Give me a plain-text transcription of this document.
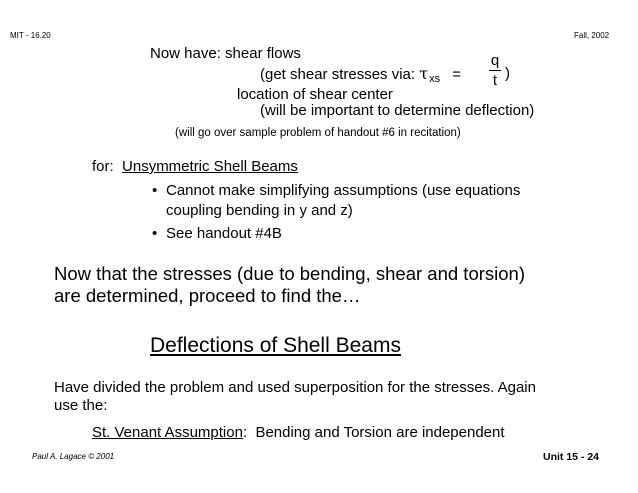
MIT - 16.20	Fall, 2002
Now have: shear flows
(get shear stresses via: $\tau_{xs}$ =
q
t )
location of shear center
(will be important to determine deflection)
(will go over sample problem of handout #6 in recitation)
for:  Unsymmetric Shell Beams
• Cannot make simplifying assumptions (use equations
coupling bending in y and z)
• See handout #4B
Now that the stresses (due to bending, shear and torsion)
are determined, proceed to find the…
Deflections of Shell Beams
Have divided the problem and used superposition for the stresses. Again
use the:
St. Venant Assumption:  Bending and Torsion are independent
Paul A. Lagace © 2001	Unit 15 - 24
